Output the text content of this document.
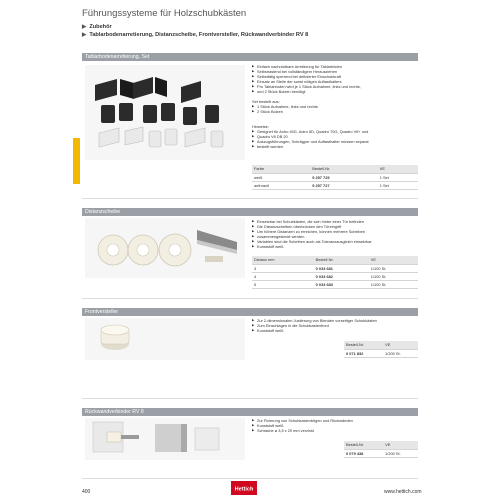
Führungssysteme für Holzschubkästen
▶ Zubehör
▶ Tablarbodenarretierung, Distanzscheibe, Frontversteller, Rückwandverbinder RV 8
Tablarbodenarretierung, Set
▶ Einfach nachrüstbare Arretierung für Tablarböden
▶ Selbstrastend bei vollständigem Herausziehen
▶ Selbsttätig sperrend bei definierter Einschubkraft
▶ Einsatz an Stelle der sonst nötigen Auftasthalters
▶ Pro Tablarboden wird je 1 Stück Aufnahme, links und rechts,
▶ und 2 Stück Bolzen benötigt
Set bestellt aus:
▶ 1 Stück Aufnahme, links und rechts
▶ 2 Stück Bolzen
Hinweise:
▶ Geeignet für Actro 40G, Actro 5D, Quadro 70G, Quadro V6+ und
▶ Quadro V6 DB 20
▶ Auszugsführungen, Schrägper und Auftasthalter müssen separat
▶ bestellt werden
Farbe	Bestell-Nr.	VE
weiß	9 257 725	1 Set
anthrazit	9 257 727	1 Set
Distanzscheibe
▶ Einsetzbar bei Schubkästen, die sich hinter einer Tür befinden
▶ Die Distanzscheiben überbrücken den Türeingriff
▶ Um höhere Distanzen zu erreichen, können mehrere Scheiben
▶ zusammengesteckt werden
▶ Variablen sind die Scheiben auch als Toleranzausgleich einsetzbar
▶ Kunststoff weiß
Distanz mm	Bestell-Nr.	VE
3	0 033 681	1/100 St.
4	0 033 682	1/100 St.
5	0 033 683	1/100 St.
Frontversteller
▶ Zur 2-dimensionalen Justierung von Blenden vorseitiger Schubkästen
▶ Zum Einschlagen in die Schubkastenfront
▶ Kunststoff weiß
Bestell-Nr.	VE
0 071 832	1/200 St.
Rückwandverbinder RV 8
▶ Zur Fixierung von Schubkastenbögen und Rückwänden
▶ Kunststoff weiß
▶ Schraube ø 3,5 x 20 mm verzinkt
Bestell-Nr.	VE
0 079 438	1/200 St.
400	Hettich	www.hettich.com
